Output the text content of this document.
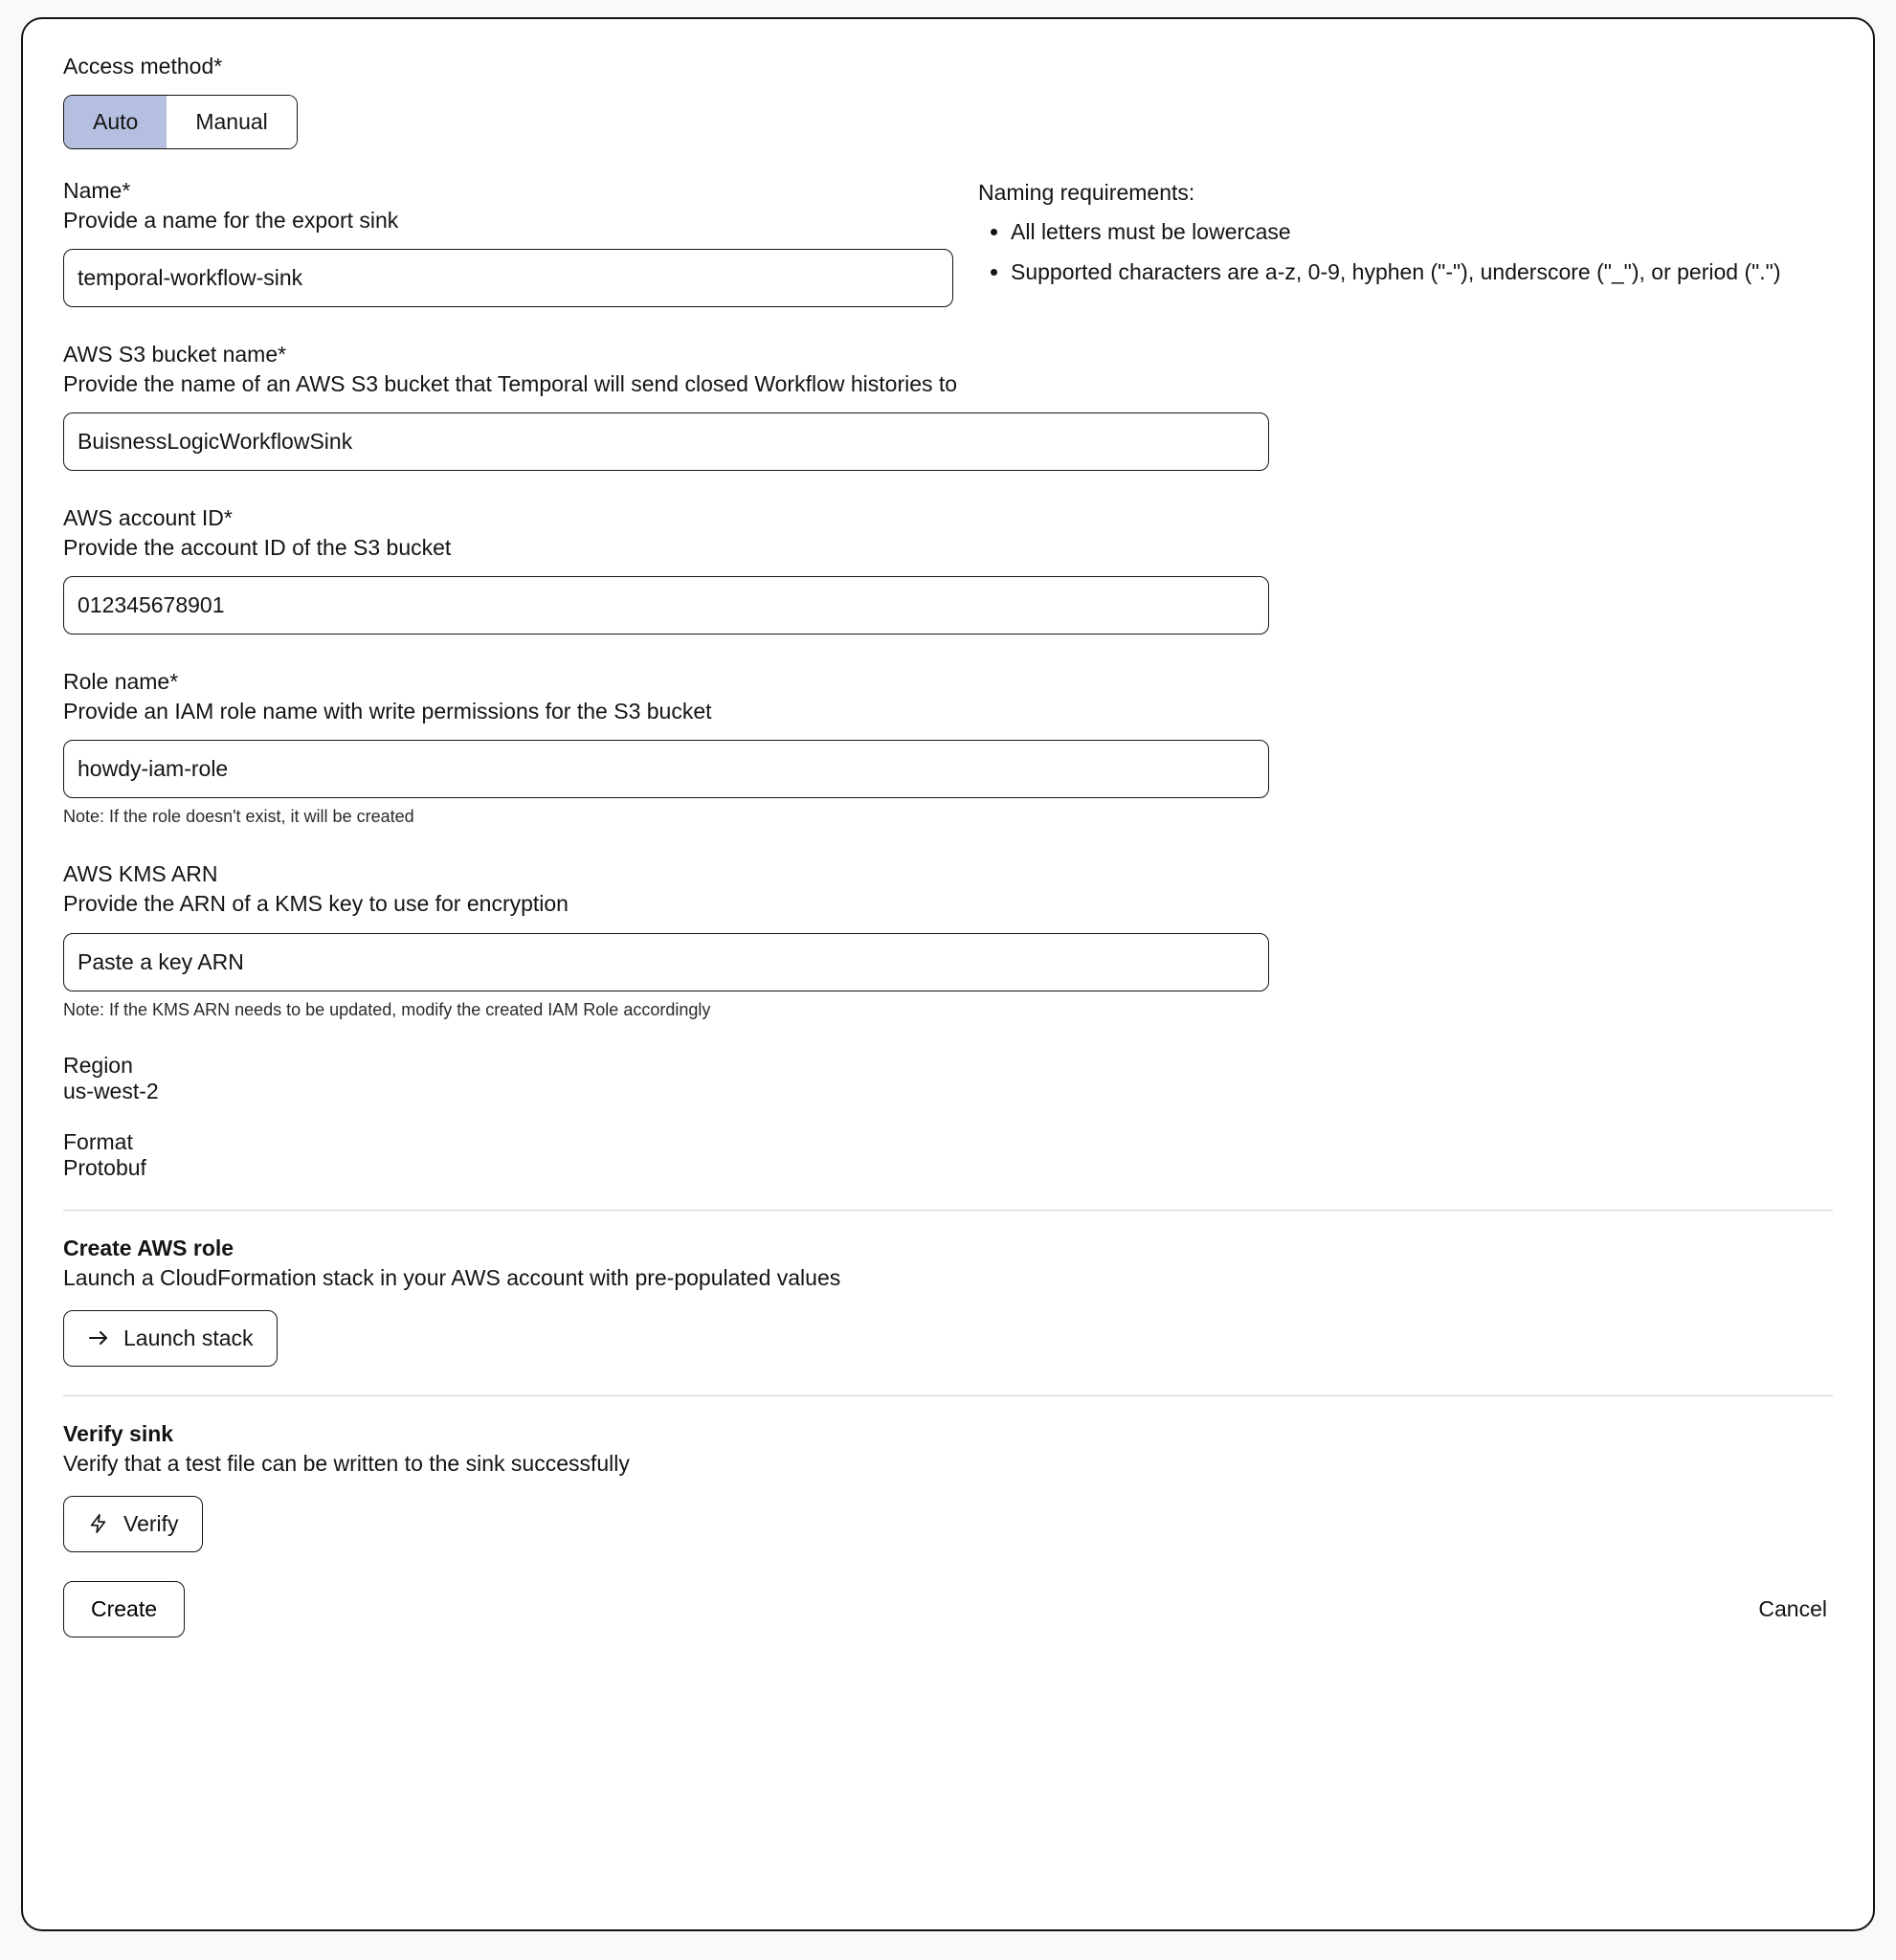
Access method*

Auto	Manual

Name*

Provide a name for the export sink

temporal-workflow-sink

Naming requirements:

• All letters must be lowercase
• Supported characters are a-z, 0-9, hyphen ("-"), underscore ("_"), or period (".")

AWS S3 bucket name*

Provide the name of an AWS S3 bucket that Temporal will send closed Workflow histories to

BuisnessLogicWorkflowSink

AWS account ID*

Provide the account ID of the S3 bucket

012345678901

Role name*

Provide an IAM role name with write permissions for the S3 bucket

howdy-iam-role

Note: If the role doesn't exist, it will be created

AWS KMS ARN

Provide the ARN of a KMS key to use for encryption

Paste a key ARN

Note: If the KMS ARN needs to be updated, modify the created IAM Role accordingly

Region
us-west-2
Format
Protobuf

Create AWS role

Launch a CloudFormation stack in your AWS account with pre-populated values

Launch stack

Verify sink

Verify that a test file can be written to the sink successfully

Verify
Create	Cancel
